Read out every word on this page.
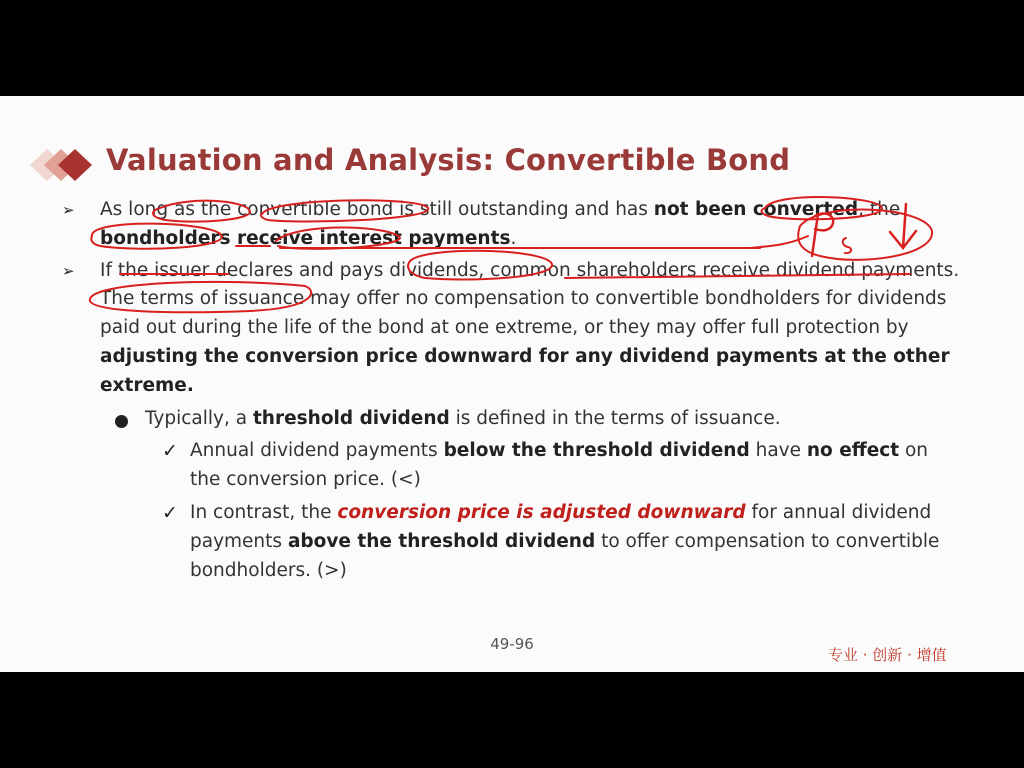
Valuation and Analysis: Convertible Bond
➢ As long as the convertible bond is still outstanding and has not been converted, the bondholders receive interest payments.
➢ If the issuer declares and pays dividends, common shareholders receive dividend payments. The terms of issuance may offer no compensation to convertible bondholders for dividends paid out during the life of the bond at one extreme, or they may offer full protection by adjusting the conversion price downward for any dividend payments at the other extreme.
Typically, a threshold dividend is defined in the terms of issuance.
✓ Annual dividend payments below the threshold dividend have no effect on the conversion price. (<)
✓ In contrast, the conversion price is adjusted downward for annual dividend payments above the threshold dividend to offer compensation to convertible bondholders. (>)
49-96
专业 · 创新 · 增值
